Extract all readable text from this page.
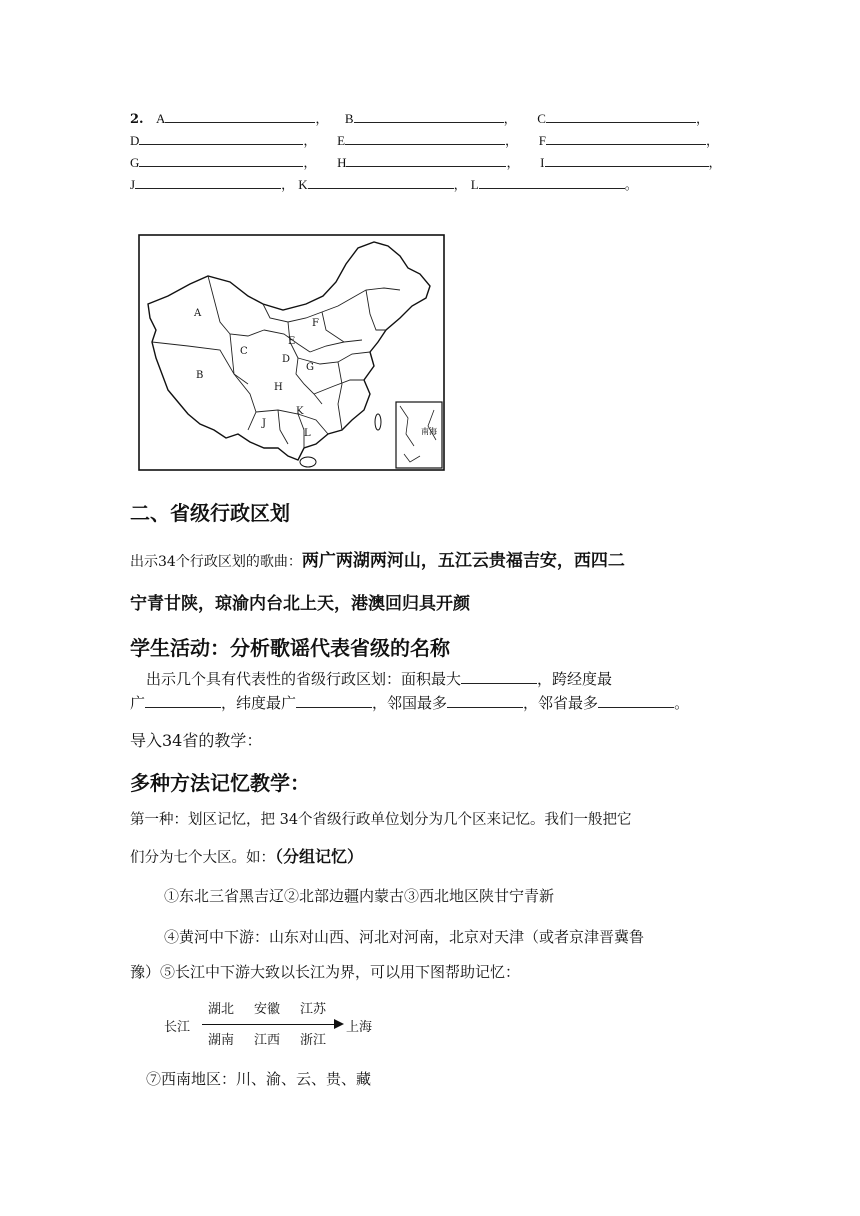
2. A	， B	， C	，
D	， E	， F	，
G	， H	， I	，
J	， K	， L	。
南海
A
B
C
D
E
F
G
H
J
K
L
二、省级行政区划
出示34个行政区划的歌曲：两广两湖两河山，五江云贵福吉安，西四二
宁青甘陕，琼渝内台北上天，港澳回归具开颜
学生活动：分析歌谣代表省级的名称
出示几个具有代表性的省级行政区划：面积最大	，跨经度最
广	，纬度最广	，邻国最多	，邻省最多	。
导入34省的教学：
多种方法记忆教学：
第一种：划区记忆，把 34个省级行政单位划分为几个区来记忆。我们一般把它
们分为七个大区。如：（分组记忆）
①东北三省黑吉辽②北部边疆内蒙古③西北地区陕甘宁青新
④黄河中下游：山东对山西、河北对河南，北京对天津（或者京津晋冀鲁
豫）⑤长江中下游大致以长江为界，可以用下图帮助记忆：
长江
湖北 安徽 江苏
上海
湖南 江西 浙江
⑦西南地区：川、渝、云、贵、藏
